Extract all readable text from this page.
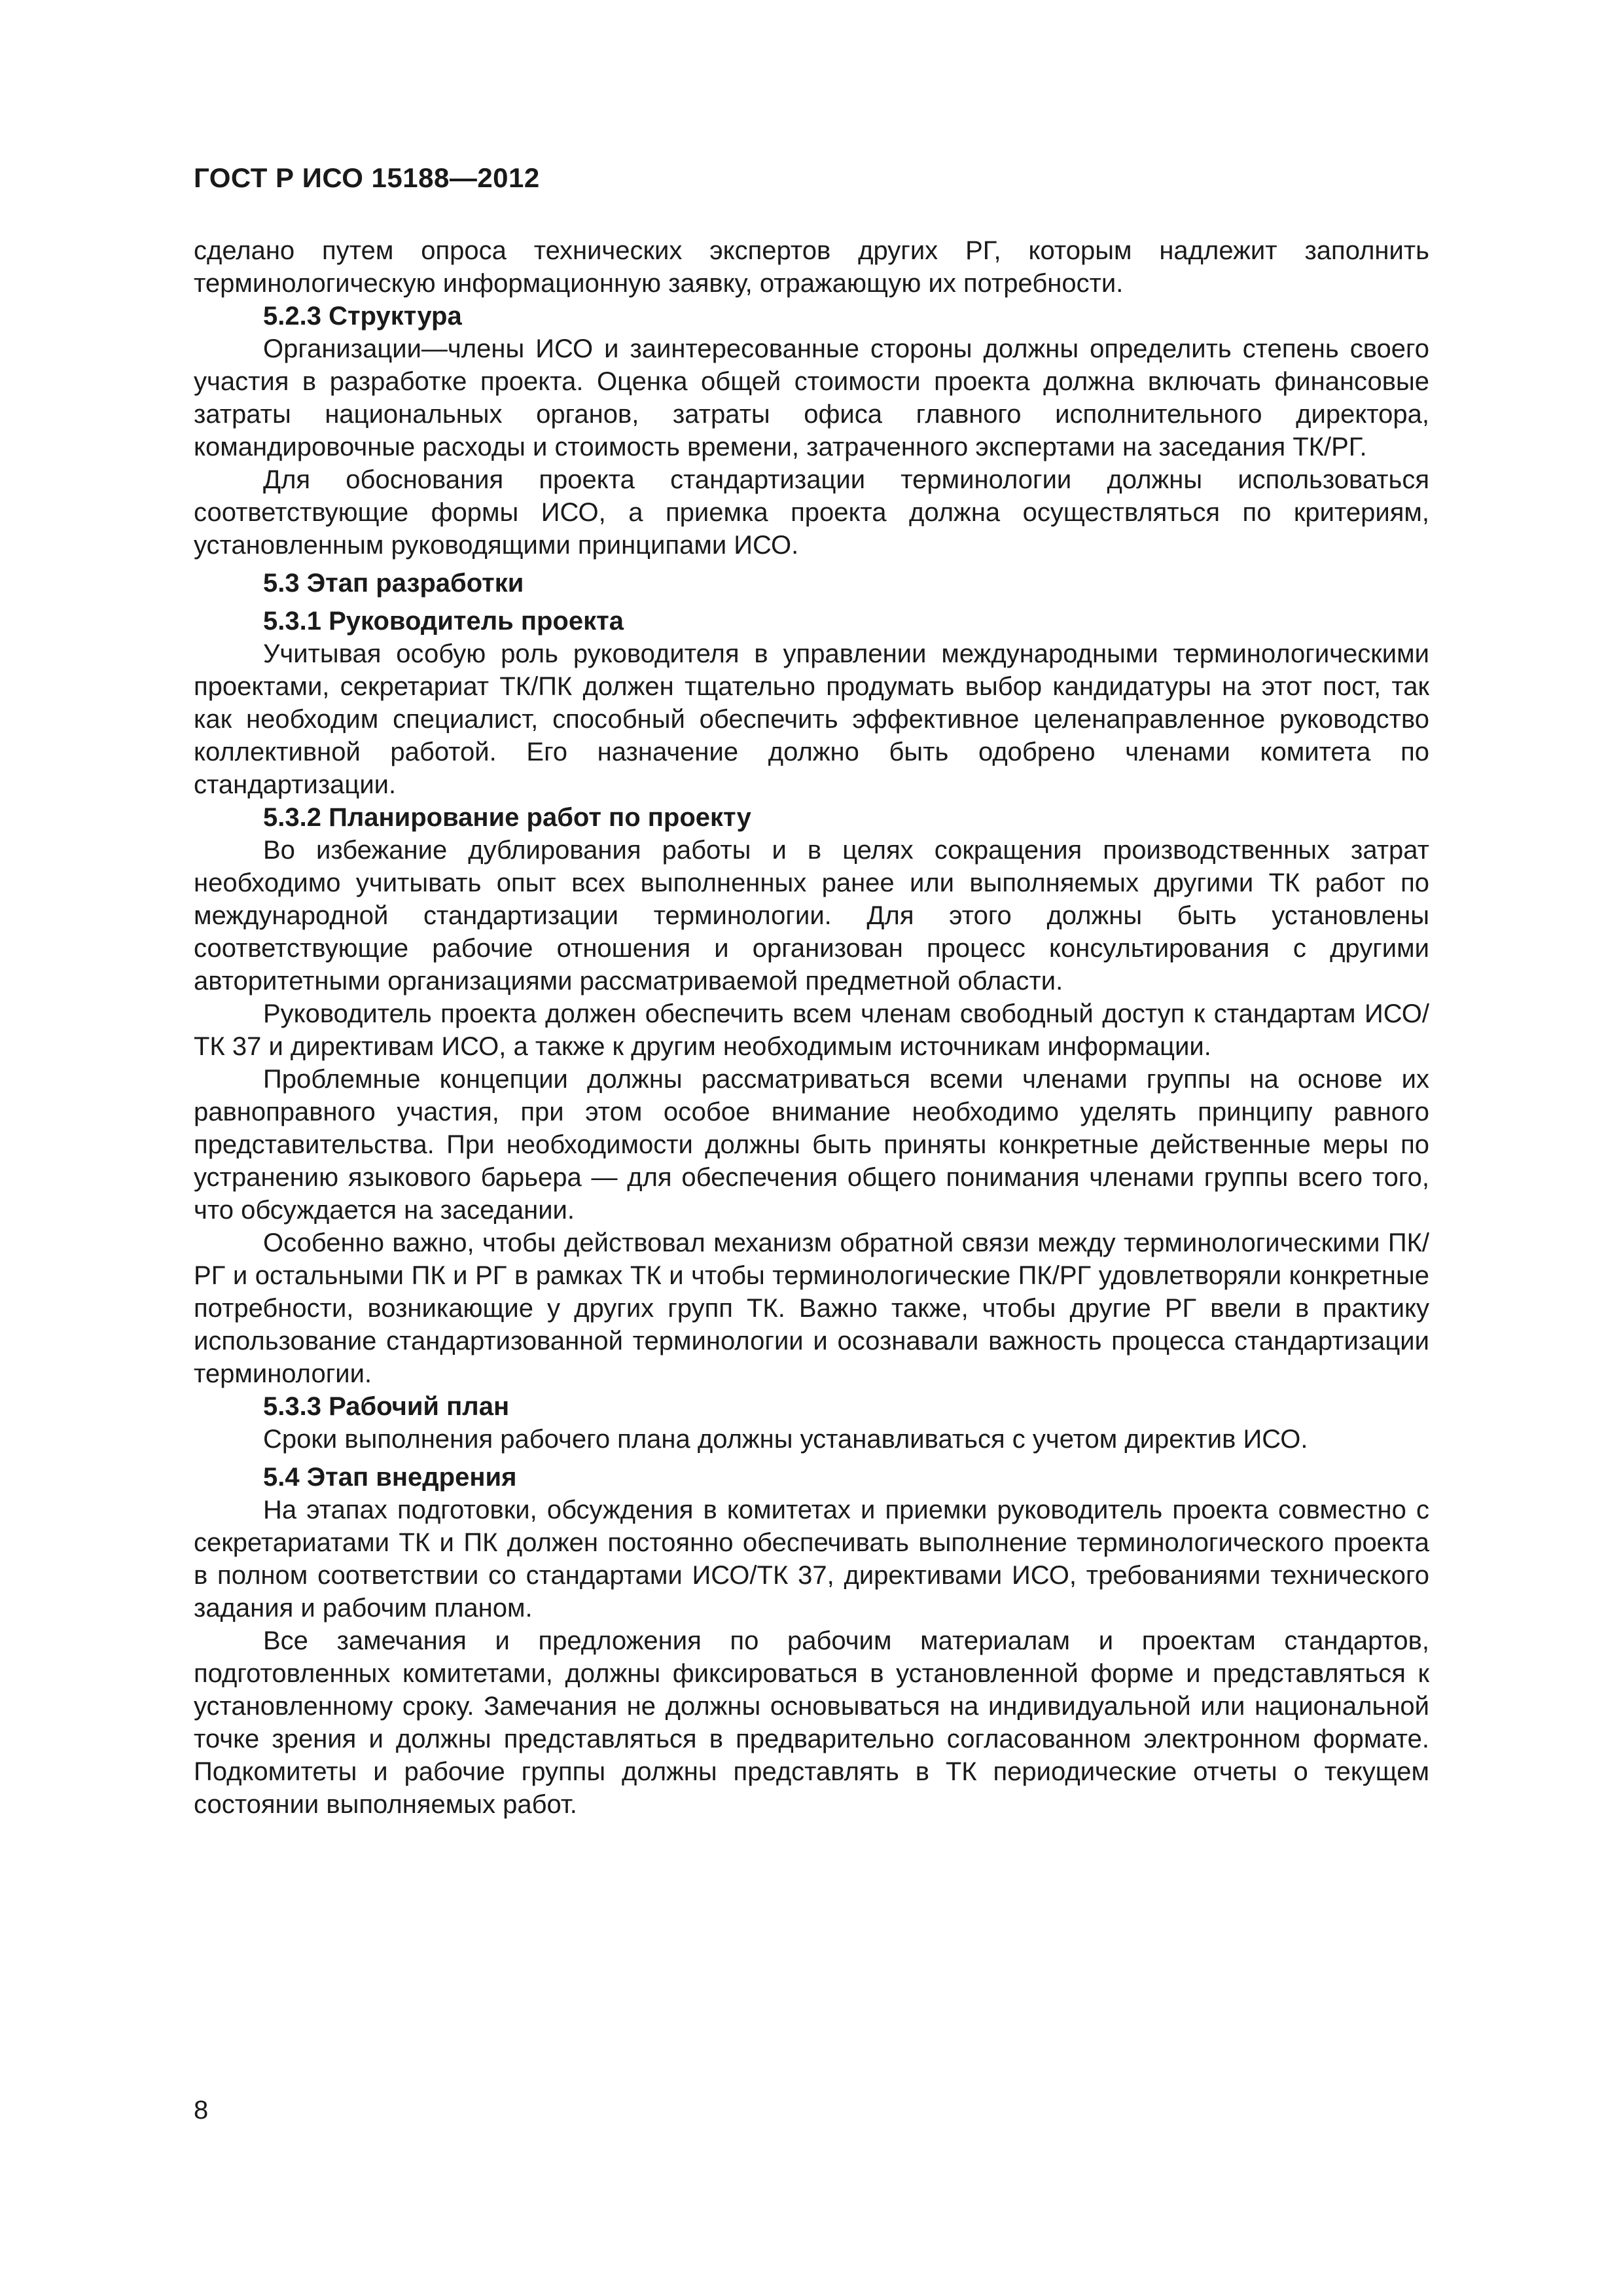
ГОСТ Р ИСО 15188—2012

сделано путем опроса технических экспертов других РГ, которым надлежит заполнить терминологическую информационную заявку, отражающую их потребности.

5.2.3 Структура

Организации—члены ИСО и заинтересованные стороны должны определить степень своего участия в разработке проекта. Оценка общей стоимости проекта должна включать финансовые затраты национальных органов, затраты офиса главного исполнительного директора, командировочные расходы и стоимость времени, затраченного экспертами на заседания ТК/РГ.

Для обоснования проекта стандартизации терминологии должны использоваться соответствующие формы ИСО, а приемка проекта должна осуществляться по критериям, установленным руководящими принципами ИСО.

5.3 Этап разработки
5.3.1 Руководитель проекта

Учитывая особую роль руководителя в управлении международными терминологическими проектами, секретариат ТК/ПК должен тщательно продумать выбор кандидатуры на этот пост, так как необходим специалист, способный обеспечить эффективное целенаправленное руководство коллективной работой. Его назначение должно быть одобрено членами комитета по стандартизации.

5.3.2 Планирование работ по проекту

Во избежание дублирования работы и в целях сокращения производственных затрат необходимо учитывать опыт всех выполненных ранее или выполняемых другими ТК работ по международной стандартизации терминологии. Для этого должны быть установлены соответствующие рабочие отношения и организован процесс консультирования с другими авторитетными организациями рассматриваемой предметной области.

Руководитель проекта должен обеспечить всем членам свободный доступ к стандартам ИСО/ТК 37 и директивам ИСО, а также к другим необходимым источникам информации.

Проблемные концепции должны рассматриваться всеми членами группы на основе их равноправного участия, при этом особое внимание необходимо уделять принципу равного представительства. При необходимости должны быть приняты конкретные действенные меры по устранению языкового барьера — для обеспечения общего понимания членами группы всего того, что обсуждается на заседании.

Особенно важно, чтобы действовал механизм обратной связи между терминологическими ПК/РГ и остальными ПК и РГ в рамках ТК и чтобы терминологические ПК/РГ удовлетворяли конкретные потребности, возникающие у других групп ТК. Важно также, чтобы другие РГ ввели в практику использование стандартизованной терминологии и осознавали важность процесса стандартизации терминологии.

5.3.3 Рабочий план

Сроки выполнения рабочего плана должны устанавливаться с учетом директив ИСО.

5.4 Этап внедрения

На этапах подготовки, обсуждения в комитетах и приемки руководитель проекта совместно с секретариатами ТК и ПК должен постоянно обеспечивать выполнение терминологического проекта в полном соответствии со стандартами ИСО/ТК 37, директивами ИСО, требованиями технического задания и рабочим планом.

Все замечания и предложения по рабочим материалам и проектам стандартов, подготовленных комитетами, должны фиксироваться в установленной форме и представляться к установленному сроку. Замечания не должны основываться на индивидуальной или национальной точке зрения и должны представляться в предварительно согласованном электронном формате. Подкомитеты и рабочие группы должны представлять в ТК периодические отчеты о текущем состоянии выполняемых работ.

8
